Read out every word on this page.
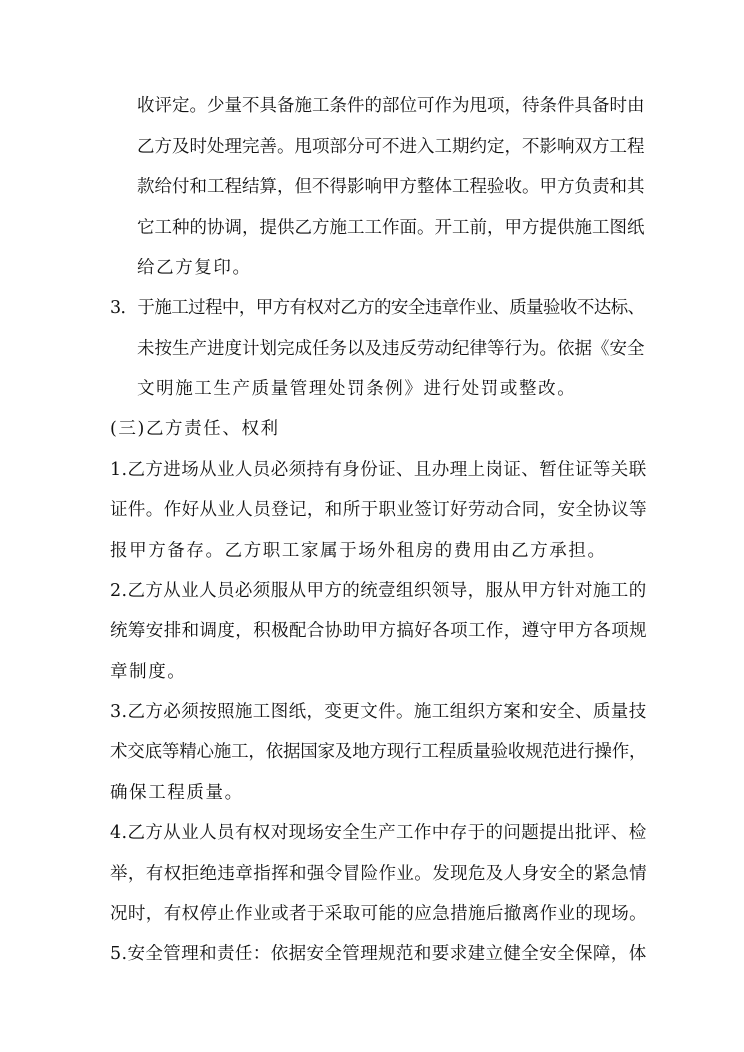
收评定。少量不具备施工条件的部位可作为甩项，待条件具备时由
乙方及时处理完善。甩项部分可不进入工期约定，不影响双方工程
款给付和工程结算，但不得影响甲方整体工程验收。甲方负责和其
它工种的协调，提供乙方施工工作面。开工前，甲方提供施工图纸
给乙方复印。
3．于施工过程中，甲方有权对乙方的安全违章作业、质量验收不达标、
未按生产进度计划完成任务以及违反劳动纪律等行为。依据《安全
文明施工生产质量管理处罚条例》进行处罚或整改。
(三)乙方责任、权利
1.乙方进场从业人员必须持有身份证、且办理上岗证、暂住证等关联
证件。作好从业人员登记，和所于职业签订好劳动合同，安全协议等
报甲方备存。乙方职工家属于场外租房的费用由乙方承担。
2.乙方从业人员必须服从甲方的统壹组织领导，服从甲方针对施工的
统筹安排和调度，积极配合协助甲方搞好各项工作，遵守甲方各项规
章制度。
3.乙方必须按照施工图纸，变更文件。施工组织方案和安全、质量技
术交底等精心施工，依据国家及地方现行工程质量验收规范进行操作，
确保工程质量。
4.乙方从业人员有权对现场安全生产工作中存于的问题提出批评、检
举，有权拒绝违章指挥和强令冒险作业。发现危及人身安全的紧急情
况时，有权停止作业或者于采取可能的应急措施后撤离作业的现场。
5.安全管理和责任：依据安全管理规范和要求建立健全安全保障，体
